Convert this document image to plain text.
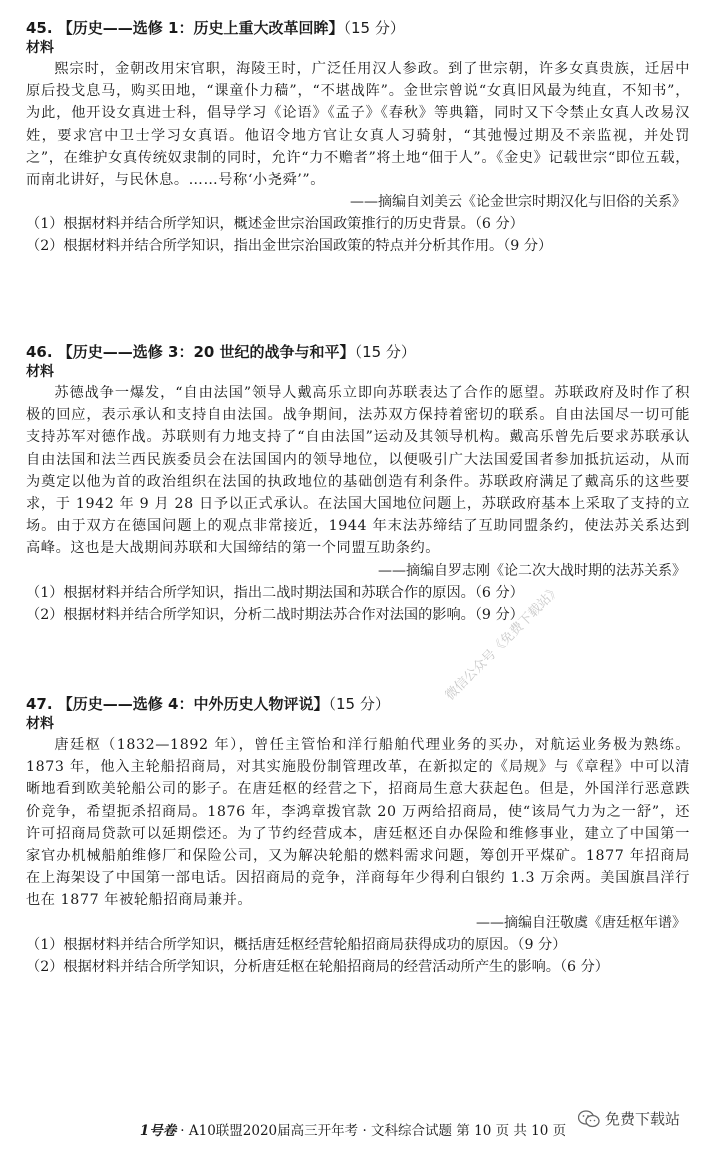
45. 【历史——选修 1：历史上重大改革回眸】（15 分）
材料

熙宗时，金朝改用宋官职，海陵王时，广泛任用汉人参政。到了世宗朝，许多女真贵族，迁居中原后投戈息马，购买田地，“课童仆力穑”，“不堪战阵”。金世宗曾说“女真旧风最为纯直，不知书”，为此，他开设女真进士科，倡导学习《论语》《孟子》《春秋》等典籍，同时又下令禁止女真人改易汉姓，要求宫中卫士学习女真语。他诏令地方官让女真人习骑射，“其弛慢过期及不亲监视，并处罚之”，在维护女真传统奴隶制的同时，允许“力不赡者”将土地“佃于人”。《金史》记载世宗“即位五载，而南北讲好，与民休息。……号称‘小尧舜’”。

——摘编自刘美云《论金世宗时期汉化与旧俗的关系》

（1）根据材料并结合所学知识，概述金世宗治国政策推行的历史背景。（6 分）

（2）根据材料并结合所学知识，指出金世宗治国政策的特点并分析其作用。（9 分）

46. 【历史——选修 3：20 世纪的战争与和平】（15 分）
材料

苏德战争一爆发，“自由法国”领导人戴高乐立即向苏联表达了合作的愿望。苏联政府及时作了积极的回应，表示承认和支持自由法国。战争期间，法苏双方保持着密切的联系。自由法国尽一切可能支持苏军对德作战。苏联则有力地支持了“自由法国”运动及其领导机构。戴高乐曾先后要求苏联承认自由法国和法兰西民族委员会在法国国内的领导地位，以便吸引广大法国爱国者参加抵抗运动，从而为奠定以他为首的政治组织在法国的执政地位的基础创造有利条件。苏联政府满足了戴高乐的这些要求，于 1942 年 9 月 28 日予以正式承认。在法国大国地位问题上，苏联政府基本上采取了支持的立场。由于双方在德国问题上的观点非常接近，1944 年末法苏缔结了互助同盟条约，使法苏关系达到高峰。这也是大战期间苏联和大国缔结的第一个同盟互助条约。

——摘编自罗志刚《论二次大战时期的法苏关系》

（1）根据材料并结合所学知识，指出二战时期法国和苏联合作的原因。（6 分）

（2）根据材料并结合所学知识，分析二战时期法苏合作对法国的影响。（9 分）

47. 【历史——选修 4：中外历史人物评说】（15 分）
材料

唐廷枢（1832—1892 年），曾任主管怡和洋行船舶代理业务的买办，对航运业务极为熟练。1873 年，他入主轮船招商局，对其实施股份制管理改革，在新拟定的《局规》与《章程》中可以清晰地看到欧美轮船公司的影子。在唐廷枢的经营之下，招商局生意大获起色。但是，外国洋行恶意跌价竞争，希望扼杀招商局。1876 年，李鸿章拨官款 20 万两给招商局，使“该局气力为之一舒”，还许可招商局贷款可以延期偿还。为了节约经营成本，唐廷枢还自办保险和维修事业，建立了中国第一家官办机械船舶维修厂和保险公司，又为解决轮船的燃料需求问题，筹创开平煤矿。1877 年招商局在上海架设了中国第一部电话。因招商局的竞争，洋商每年少得利白银约 1.3 万余两。美国旗昌洋行也在 1877 年被轮船招商局兼并。

——摘编自汪敬虞《唐廷枢年谱》

（1）根据材料并结合所学知识，概括唐廷枢经营轮船招商局获得成功的原因。（9 分）

（2）根据材料并结合所学知识，分析唐廷枢在轮船招商局的经营活动所产生的影响。（6 分）

微信公众号《免费下载站》
1号卷 · A10联盟2020届高三开年考 · 文科综合试题 第 10 页 共 10 页
免费下载站
